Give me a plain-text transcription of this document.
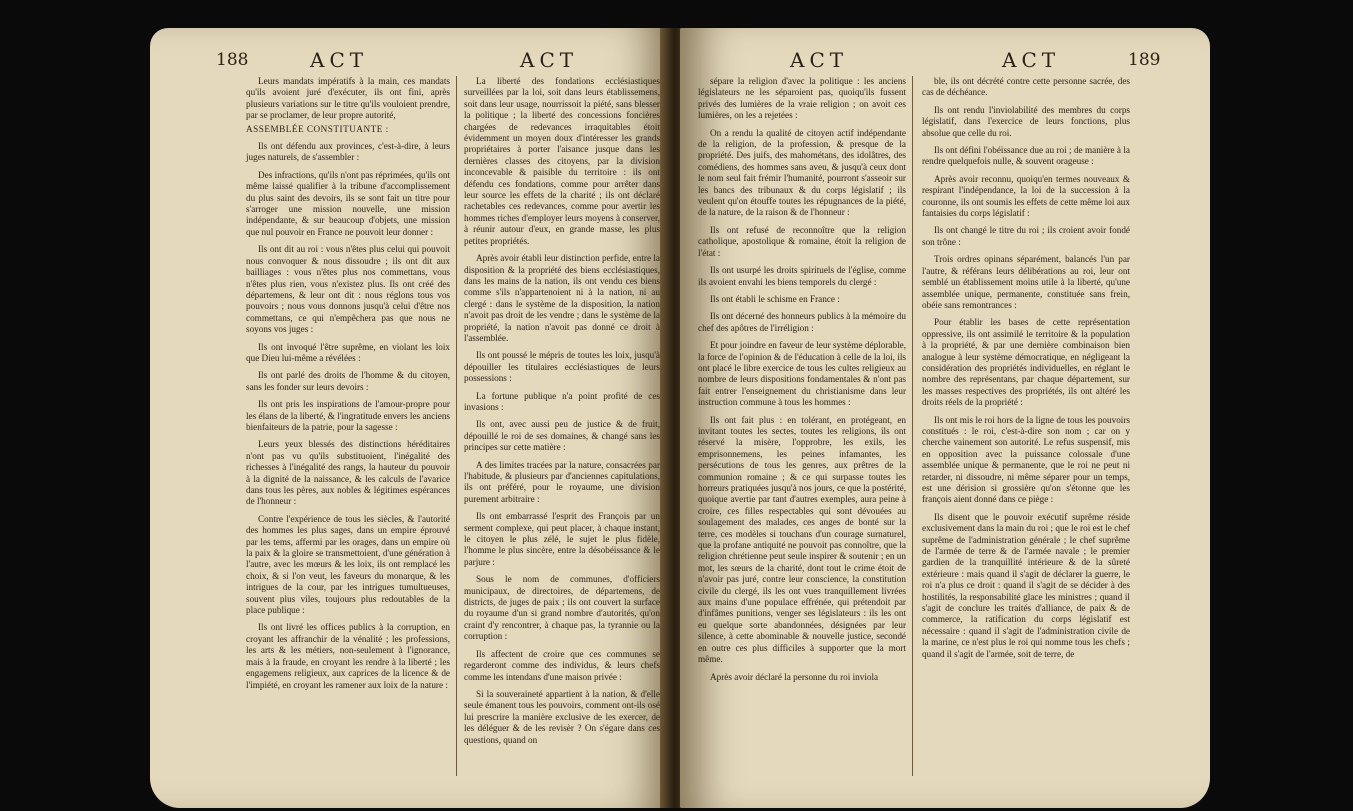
188	ACT	ACT

Leurs mandats impératifs à la main, ces mandats qu'ils avoient juré d'exécuter, ils ont fini, après plusieurs variations sur le titre qu'ils vouloient prendre, par se proclamer, de leur propre autorité,

ASSEMBLÉE CONSTITUANTE :

Ils ont défendu aux provinces, c'est-à-dire, à leurs juges naturels, de s'assembler :

Des infractions, qu'ils n'ont pas réprimées, qu'ils ont même laissé qualifier à la tribune d'accomplissement du plus saint des devoirs, ils se sont fait un titre pour s'arroger une mission nouvelle, une mission indépendante, & sur beaucoup d'objets, une mission que nul pouvoir en France ne pouvoit leur donner :

Ils ont dit au roi : vous n'êtes plus celui qui pouvoit nous convoquer & nous dissoudre ; ils ont dit aux bailliages : vous n'êtes plus nos commettans, vous n'êtes plus rien, vous n'existez plus. Ils ont créé des départemens, & leur ont dit : nous réglons tous vos pouvoirs ; nous vous donnons jusqu'à celui d'être nos commettans, ce qui n'empêchera pas que nous ne soyons vos juges :

Ils ont invoqué l'être suprême, en violant les loix que Dieu lui-même a révélées :

Ils ont parlé des droits de l'homme & du citoyen, sans les fonder sur leurs devoirs :

Ils ont pris les inspirations de l'amour-propre pour les élans de la liberté, & l'ingratitude envers les anciens bienfaiteurs de la patrie, pour la sagesse :

Leurs yeux blessés des distinctions héréditaires n'ont pas vu qu'ils substituoient, l'inégalité des richesses à l'inégalité des rangs, la hauteur du pouvoir à la dignité de la naissance, & les calculs de l'avarice dans tous les pères, aux nobles & légitimes espérances de l'honneur :

Contre l'expérience de tous les siècles, & l'autorité des hommes les plus sages, dans un empire éprouvé par les tems, affermi par les orages, dans un empire où la paix & la gloire se transmettoient, d'une génération à l'autre, avec les mœurs & les loix, ils ont remplacé les choix, & si l'on veut, les faveurs du monarque, & les intrigues de la cour, par les intrigues tumultueuses, souvent plus viles, toujours plus redoutables de la place publique :

Ils ont livré les offices publics à la corruption, en croyant les affranchir de la vénalité ; les professions, les arts & les métiers, non-seulement à l'ignorance, mais à la fraude, en croyant les rendre à la liberté ; les engagemens religieux, aux caprices de la licence & de l'impiété, en croyant les ramener aux loix de la nature :

La liberté des fondations ecclésiastiques surveillées par la loi, soit dans leurs établissemens, soit dans leur usage, nourrissoit la piété, sans blesser la politique ; la liberté des concessions foncières chargées de redevances irraquitables étoit évidemment un moyen doux d'intéresser les grands propriétaires à porter l'aisance jusque dans les dernières classes des citoyens, par la division inconcevable & paisible du territoire : ils ont défendu ces fondations, comme pour arrêter dans leur source les effets de la charité ; ils ont déclaré rachetables ces redevances, comme pour avertir les hommes riches d'employer leurs moyens à conserver, à réunir autour d'eux, en grande masse, les plus petites propriétés.

Après avoir établi leur distinction perfide, entre la disposition & la propriété des biens ecclésiastiques, dans les mains de la nation, ils ont vendu ces biens comme s'ils n'appartenoient ni à la nation, ni au clergé : dans le système de la disposition, la nation n'avoit pas droit de les vendre ; dans le système de la propriété, la nation n'avoit pas donné ce droit à l'assemblée.

Ils ont poussé le mépris de toutes les loix, jusqu'à dépouiller les titulaires ecclésiastiques de leurs possessions :

La fortune publique n'a point profité de ces invasions :

Ils ont, avec aussi peu de justice & de fruit, dépouillé le roi de ses domaines, & changé sans les principes sur cette matière :

A des limites tracées par la nature, consacrées par l'habitude, & plusieurs par d'anciennes capitulations, ils ont préféré, pour le royaume, une division purement arbitraire :

Ils ont embarrassé l'esprit des François par un serment complexe, qui peut placer, à chaque instant, le citoyen le plus zélé, le sujet le plus fidèle, l'homme le plus sincère, entre la désobéissance & le parjure :

Sous le nom de communes, d'officiers municipaux, de directoires, de départemens, de districts, de juges de paix ; ils ont couvert la surface du royaume d'un si grand nombre d'autorités, qu'on craint d'y rencontrer, à chaque pas, la tyrannie ou la corruption :

Ils affectent de croire que ces communes se regarderont comme des individus, & leurs chefs comme les intendans d'une maison privée :

Si la souveraineté appartient à la nation, & d'elle seule émanent tous les pouvoirs, comment ont-ils osé lui prescrire la manière exclusive de les exercer, de les déléguer & de les revisèr ? On s'égare dans ces questions, quand on

ACT	ACT	189

sépare la religion d'avec la politique : les anciens législateurs ne les séparoient pas, quoiqu'ils fussent privés des lumières de la vraie religion ; on avoit ces lumières, on les a rejetées :

On a rendu la qualité de citoyen actif indépendante de la religion, de la profession, & presque de la propriété. Des juifs, des mahométans, des idolâtres, des comédiens, des hommes sans aveu, & jusqu'à ceux dont le nom seul fait frémir l'humanité, pourront s'asseoir sur les bancs des tribunaux & du corps législatif ; ils veulent qu'on étouffe toutes les répugnances de la piété, de la nature, de la raison & de l'honneur :

Ils ont refusé de reconnoître que la religion catholique, apostolique & romaine, étoit la religion de l'état :

Ils ont usurpé les droits spirituels de l'église, comme ils avoient envahi les biens temporels du clergé :

Ils ont établi le schisme en France :

Ils ont décerné des honneurs publics à la mémoire du chef des apôtres de l'irréligion :

Et pour joindre en faveur de leur système déplorable, la force de l'opinion & de l'éducation à celle de la loi, ils ont placé le libre exercice de tous les cultes religieux au nombre de leurs dispositions fondamentales & n'ont pas fait entrer l'enseignement du christianisme dans leur instruction commune à tous les hommes :

Ils ont fait plus : en tolérant, en protégeant, en invitant toutes les sectes, toutes les religions, ils ont réservé la misère, l'opprobre, les exils, les emprisonnemens, les peines infamantes, les persécutions de tous les genres, aux prêtres de la communion romaine ; & ce qui surpasse toutes les horreurs pratiquées jusqu'à nos jours, ce que la postérité, quoique avertie par tant d'autres exemples, aura peine à croire, ces filles respectables qui sont dévouées au soulagement des malades, ces anges de bonté sur la terre, ces modèles si touchans d'un courage surnaturel, que la profane antiquité ne pouvoit pas connoître, que la religion chrétienne peut seule inspirer & soutenir ; en un mot, les sœurs de la charité, dont tout le crime étoit de n'avoir pas juré, contre leur conscience, la constitution civile du clergé, ils les ont vues tranquillement livrées aux mains d'une populace effrénée, qui prétendoit par d'infâmes punitions, venger ses législateurs : ils les ont eu quelque sorte abandonnées, désignées par leur silence, à cette abominable & nouvelle justice, secondé en outre ces plus difficiles à supporter que la mort même.

Après avoir déclaré la personne du roi inviola

ble, ils ont décrété contre cette personne sacrée, des cas de déchéance.

Ils ont rendu l'inviolabilité des membres du corps législatif, dans l'exercice de leurs fonctions, plus absolue que celle du roi.

Ils ont défini l'obéissance due au roi ; de manière à la rendre quelquefois nulle, & souvent orageuse :

Après avoir reconnu, quoiqu'en termes nouveaux & respirant l'indépendance, la loi de la succession à la couronne, ils ont soumis les effets de cette même loi aux fantaisies du corps législatif :

Ils ont changé le titre du roi ; ils croient avoir fondé son trône :

Trois ordres opinans séparément, balancés l'un par l'autre, & référans leurs délibérations au roi, leur ont semblé un établissement moins utile à la liberté, qu'une assemblée unique, permanente, constituée sans frein, obéie sans remontrances :

Pour établir les bases de cette représentation oppressive, ils ont assimilé le territoire & la population à la propriété, & par une dernière combinaison bien analogue à leur système démocratique, en négligeant la considération des propriétés individuelles, en réglant le nombre des représentans, par chaque département, sur les masses respectives des propriétés, ils ont altéré les droits réels de la propriété :

Ils ont mis le roi hors de la ligne de tous les pouvoirs constitués : le roi, c'est-à-dire son nom ; car on y cherche vainement son autorité. Le refus suspensif, mis en opposition avec la puissance colossale d'une assemblée unique & permanente, que le roi ne peut ni retarder, ni dissoudre, ni même séparer pour un temps, est une dérision si grossière qu'on s'étonne que les françois aient donné dans ce piège :

Ils disent que le pouvoir exécutif suprême réside exclusivement dans la main du roi ; que le roi est le chef suprême de l'administration générale ; le chef suprême de l'armée de terre & de l'armée navale ; le premier gardien de la tranquillité intérieure & de la sûreté extérieure : mais quand il s'agit de déclarer la guerre, le roi n'a plus ce droit : quand il s'agit de se décider à des hostilités, la responsabilité glace les ministres ; quand il s'agit de conclure les traités d'alliance, de paix & de commerce, la ratification du corps législatif est nécessaire : quand il s'agit de l'administration civile de la marine, ce n'est plus le roi qui nomme tous les chefs ; quand il s'agit de l'armée, soit de terre, de
